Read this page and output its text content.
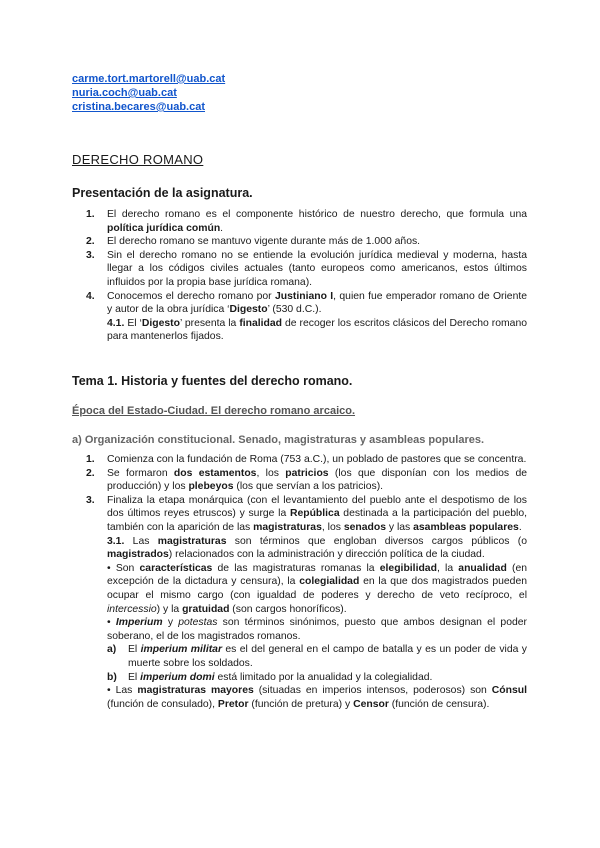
carme.tort.martorell@uab.cat
nuria.coch@uab.cat
cristina.becares@uab.cat
DERECHO ROMANO
Presentación de la asignatura.
1. El derecho romano es el componente histórico de nuestro derecho, que formula una política jurídica común.
2. El derecho romano se mantuvo vigente durante más de 1.000 años.
3. Sin el derecho romano no se entiende la evolución jurídica medieval y moderna, hasta llegar a los códigos civiles actuales (tanto europeos como americanos, estos últimos influidos por la propia base jurídica romana).
4. Conocemos el derecho romano por Justiniano I, quien fue emperador romano de Oriente y autor de la obra jurídica ‘Digesto’ (530 d.C.).
4.1. El ‘Digesto’ presenta la finalidad de recoger los escritos clásicos del Derecho romano para mantenerlos fijados.
Tema 1. Historia y fuentes del derecho romano.
Época del Estado-Ciudad. El derecho romano arcaico.
a) Organización constitucional. Senado, magistraturas y asambleas populares.
1. Comienza con la fundación de Roma (753 a.C.), un poblado de pastores que se concentra.
2. Se formaron dos estamentos, los patricios (los que disponían con los medios de producción) y los plebeyos (los que servían a los patricios).
3. Finaliza la etapa monárquica (con el levantamiento del pueblo ante el despotismo de los dos últimos reyes etruscos) y surge la República destinada a la participación del pueblo, también con la aparición de las magistraturas, los senados y las asambleas populares.
3.1. Las magistraturas son términos que engloban diversos cargos públicos (o magistrados) relacionados con la administración y dirección política de la ciudad.
• Son características de las magistraturas romanas la elegibilidad, la anualidad (en excepción de la dictadura y censura), la colegialidad en la que dos magistrados pueden ocupar el mismo cargo (con igualdad de poderes y derecho de veto recíproco, el intercessio) y la gratuidad (son cargos honoríficos).
• Imperium y potestas son términos sinónimos, puesto que ambos designan el poder soberano, el de los magistrados romanos.
a) El imperium militar es el del general en el campo de batalla y es un poder de vida y muerte sobre los soldados.
b) El imperium domi está limitado por la anualidad y la colegialidad.
• Las magistraturas mayores (situadas en imperios intensos, poderosos) son Cónsul (función de consulado), Pretor (función de pretura) y Censor (función de censura).
